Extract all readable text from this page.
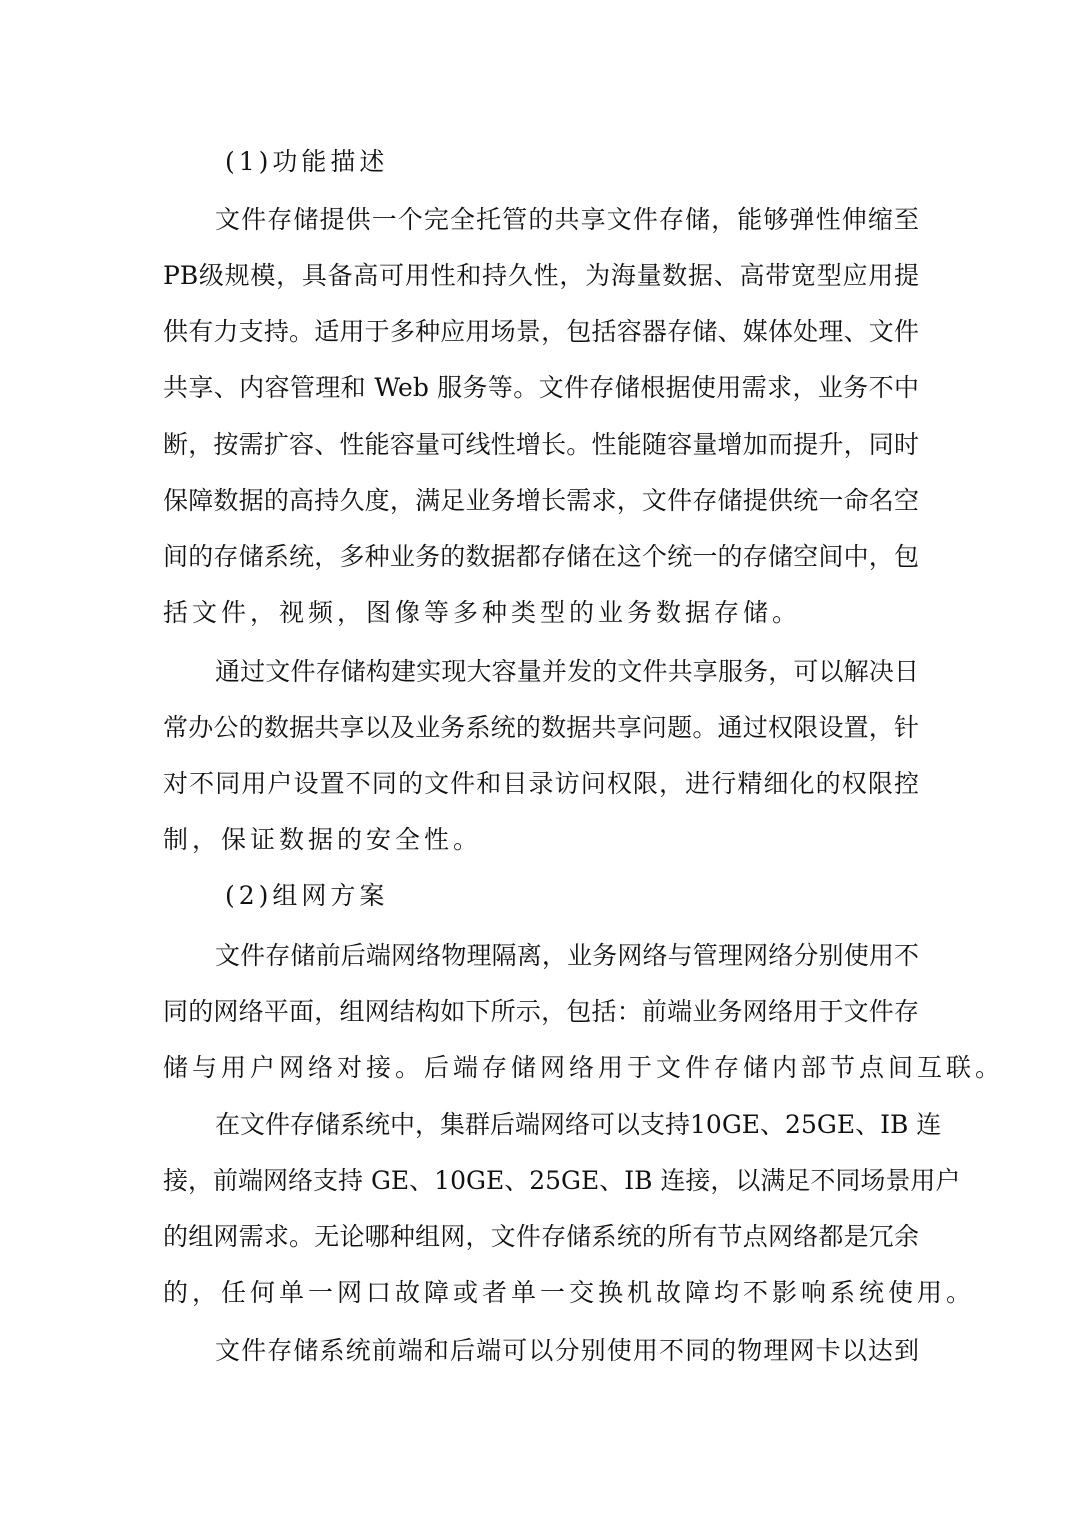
(1)功能描述
文件存储提供一个完全托管的共享文件存储，能够弹性伸缩至
PB级规模，具备高可用性和持久性，为海量数据、高带宽型应用提
供有力支持。适用于多种应用场景，包括容器存储、媒体处理、文件
共享、内容管理和 Web 服务等。文件存储根据使用需求，业务不中
断，按需扩容、性能容量可线性增长。性能随容量增加而提升，同时
保障数据的高持久度，满足业务增长需求，文件存储提供统一命名空
间的存储系统，多种业务的数据都存储在这个统一的存储空间中，包
括文件，视频，图像等多种类型的业务数据存储。
通过文件存储构建实现大容量并发的文件共享服务，可以解决日
常办公的数据共享以及业务系统的数据共享问题。通过权限设置，针
对不同用户设置不同的文件和目录访问权限，进行精细化的权限控
制，保证数据的安全性。
(2)组网方案
文件存储前后端网络物理隔离，业务网络与管理网络分别使用不
同的网络平面，组网结构如下所示，包括：前端业务网络用于文件存
储与用户网络对接。后端存储网络用于文件存储内部节点间互联。
在文件存储系统中，集群后端网络可以支持10GE、25GE、IB 连
接，前端网络支持 GE、10GE、25GE、IB 连接，以满足不同场景用户
的组网需求。无论哪种组网，文件存储系统的所有节点网络都是冗余
的，任何单一网口故障或者单一交换机故障均不影响系统使用。
文件存储系统前端和后端可以分别使用不同的物理网卡以达到
